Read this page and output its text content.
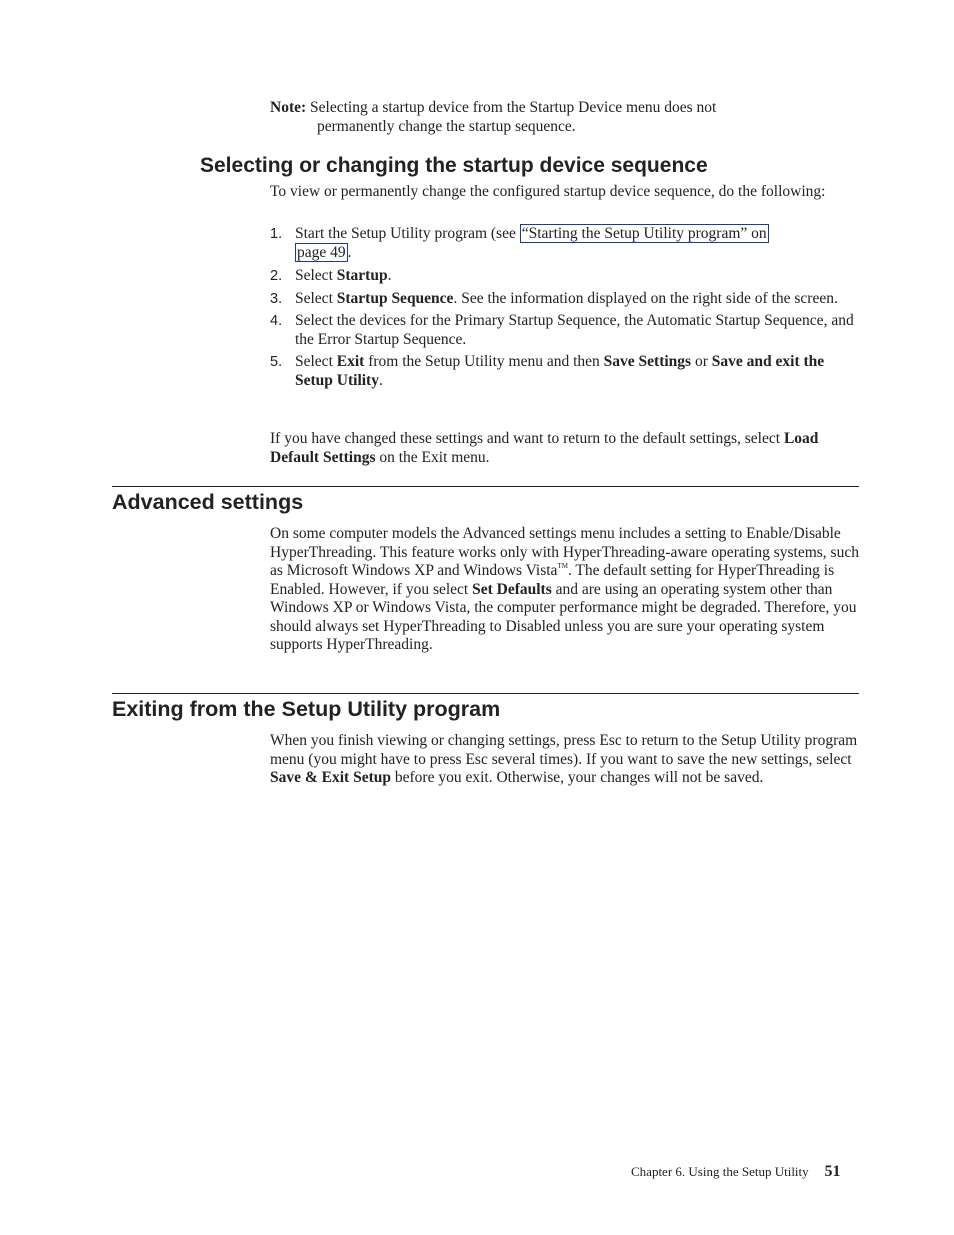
Note: Selecting a startup device from the Startup Device menu does not
permanently change the startup sequence.
Selecting or changing the startup device sequence

To view or permanently change the configured startup device sequence, do the following:

1. Start the Setup Utility program (see “Starting the Setup Utility program” on
page 49 .
2. Select Startup.
3. Select Startup Sequence. See the information displayed on the right side of the screen.
4. Select the devices for the Primary Startup Sequence, the Automatic Startup Sequence, and the Error Startup Sequence.
5. Select Exit from the Setup Utility menu and then Save Settings or Save and exit the Setup Utility.

If you have changed these settings and want to return to the default settings, select Load Default Settings on the Exit menu.

Advanced settings

On some computer models the Advanced settings menu includes a setting to Enable/Disable HyperThreading. This feature works only with HyperThreading-aware operating systems, such as Microsoft Windows XP and Windows Vista™. The default setting for HyperThreading is Enabled. However, if you select Set Defaults and are using an operating system other than Windows XP or Windows Vista, the computer performance might be degraded. Therefore, you should always set HyperThreading to Disabled unless you are sure your operating system supports HyperThreading.

Exiting from the Setup Utility program

When you finish viewing or changing settings, press Esc to return to the Setup Utility program menu (you might have to press Esc several times). If you want to save the new settings, select Save & Exit Setup before you exit. Otherwise, your changes will not be saved.

Chapter 6. Using the Setup Utility 51
